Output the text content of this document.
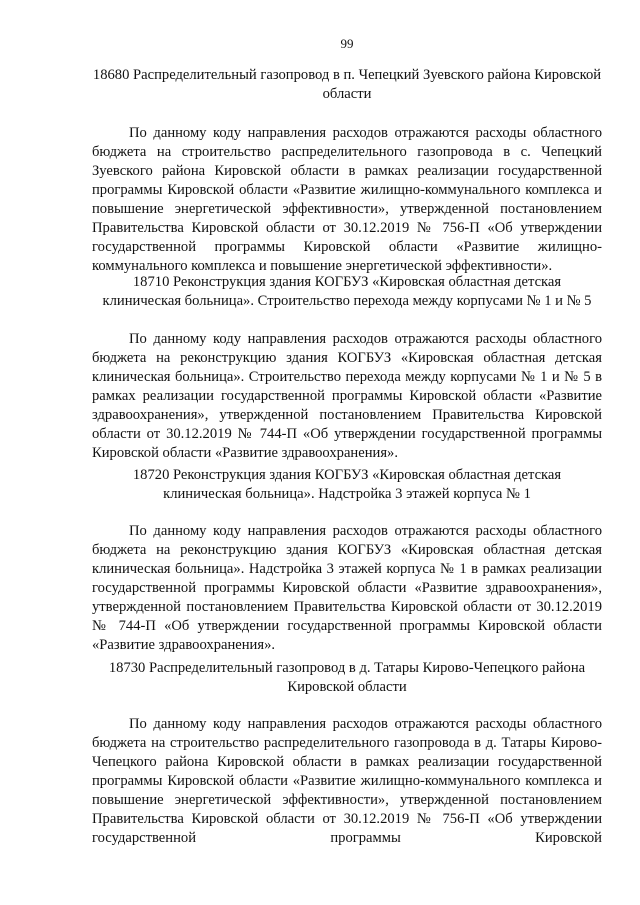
99
18680 Распределительный газопровод в п. Чепецкий Зуевского района Кировской области
По данному коду направления расходов отражаются расходы областного бюджета на строительство распределительного газопровода в с. Чепецкий Зуевского района Кировской области в рамках реализации государственной программы Кировской области «Развитие жилищно-коммунального комплекса и повышение энергетической эффективности», утвержденной постановлением Правительства Кировской области от 30.12.2019 № 756-П «Об утверждении государственной программы Кировской области «Развитие жилищно-коммунального комплекса и повышение энергетической эффективности».
18710 Реконструкция здания КОГБУЗ «Кировская областная детская клиническая больница». Строительство перехода между корпусами № 1 и № 5
По данному коду направления расходов отражаются расходы областного бюджета на реконструкцию здания КОГБУЗ «Кировская областная детская клиническая больница». Строительство перехода между корпусами № 1 и № 5 в рамках реализации государственной программы Кировской области «Развитие здравоохранения», утвержденной постановлением Правительства Кировской области от 30.12.2019 № 744-П «Об утверждении государственной программы Кировской области «Развитие здравоохранения».
18720 Реконструкция здания КОГБУЗ «Кировская областная детская клиническая больница». Надстройка 3 этажей корпуса № 1
По данному коду направления расходов отражаются расходы областного бюджета на реконструкцию здания КОГБУЗ «Кировская областная детская клиническая больница». Надстройка 3 этажей корпуса № 1 в рамках реализации государственной программы Кировской области «Развитие здравоохранения», утвержденной постановлением Правительства Кировской области от 30.12.2019 № 744-П «Об утверждении государственной программы Кировской области «Развитие здравоохранения».
18730 Распределительный газопровод в д. Татары Кирово-Чепецкого района Кировской области
По данному коду направления расходов отражаются расходы областного бюджета на строительство распределительного газопровода в д. Татары Кирово-Чепецкого района Кировской области в рамках реализации государственной программы Кировской области «Развитие жилищно-коммунального комплекса и повышение энергетической эффективности», утвержденной постановлением Правительства Кировской области от 30.12.2019 № 756-П «Об утверждении государственной программы Кировской
